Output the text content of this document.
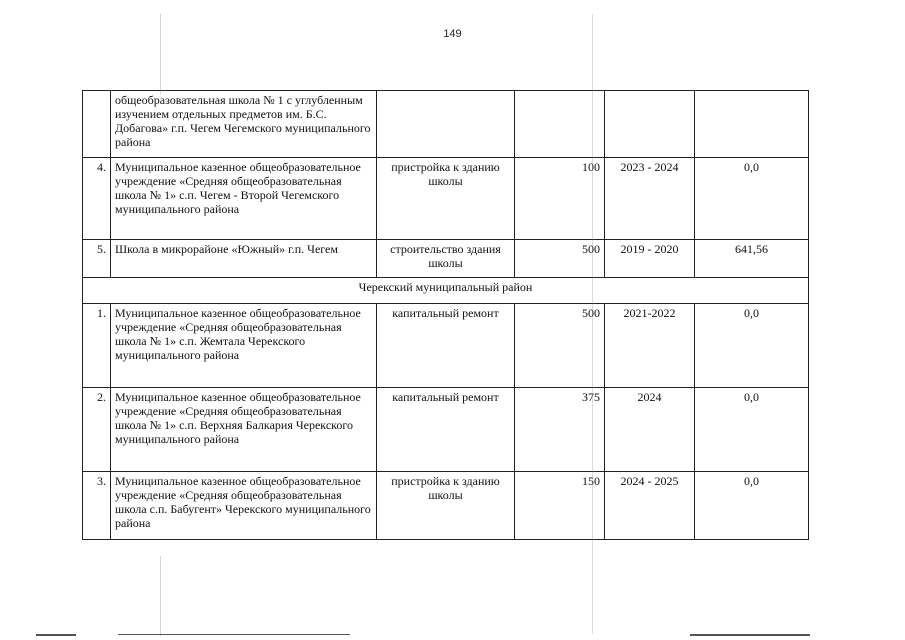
149
	общеобразовательная школа № 1 с углубленным изучением отдельных предметов им. Б.С. Добагова» г.п. Чегем Чегемского муниципального района				
4.	Муниципальное казенное общеобразовательное учреждение «Средняя общеобразовательная школа № 1» с.п. Чегем - Второй Чегемского муниципального района	пристройка к зданию школы	100	2023 - 2024	0,0
5.	Школа в микрорайоне «Южный» г.п. Чегем	строительство здания школы	500	2019 - 2020	641,56
Черекский муниципальный район					
1.	Муниципальное казенное общеобразовательное учреждение «Средняя общеобразовательная школа № 1» с.п. Жемтала Черекского муниципального района	капитальный ремонт	500	2021-2022	0,0
2.	Муниципальное казенное общеобразовательное учреждение «Средняя общеобразовательная школа № 1» с.п. Верхняя Балкария Черекского муниципального района	капитальный ремонт	375	2024	0,0
3.	Муниципальное казенное общеобразовательное учреждение «Средняя общеобразовательная школа с.п. Бабугент» Черекского муниципального района	пристройка к зданию школы	150	2024 - 2025	0,0
